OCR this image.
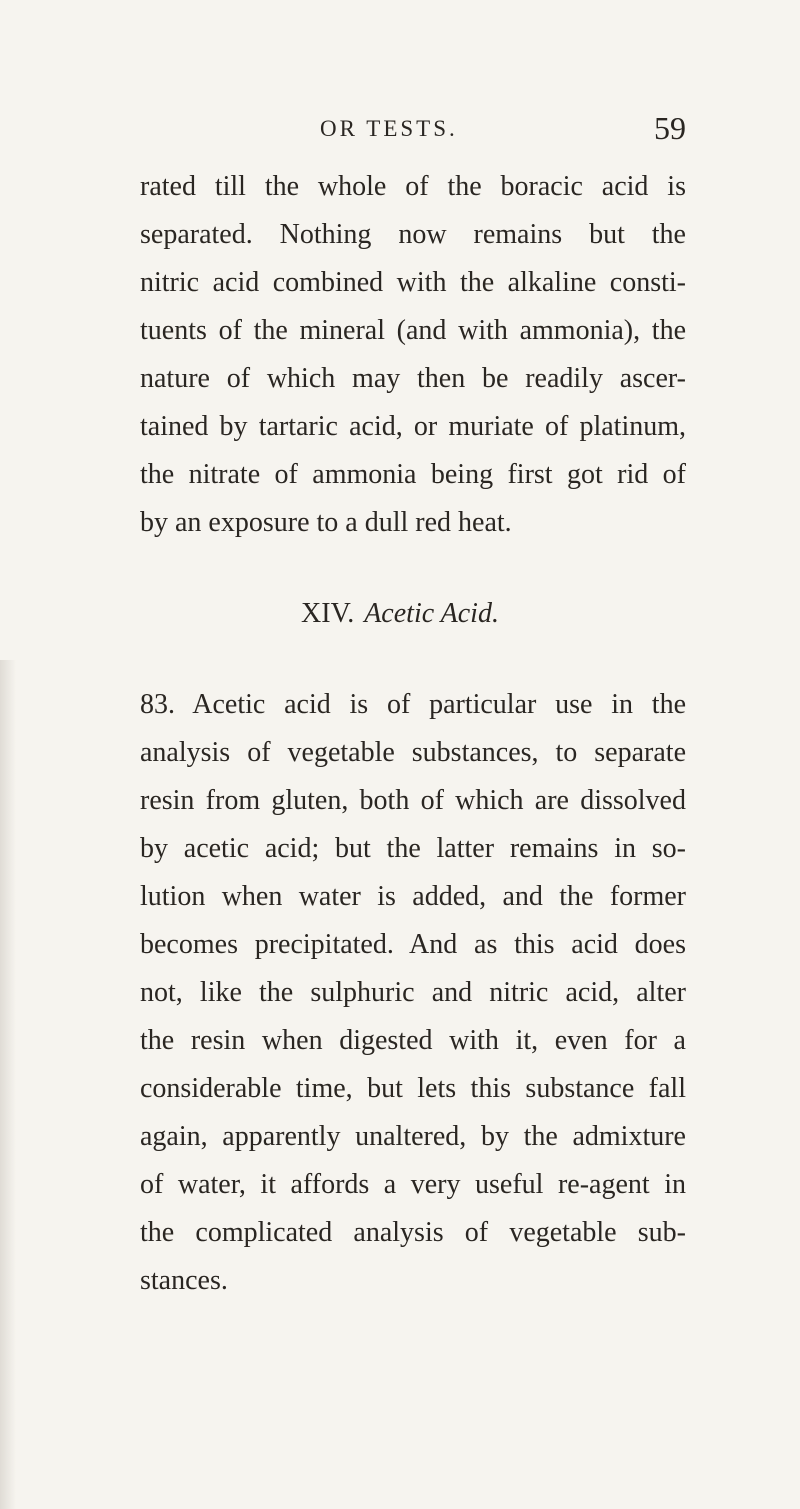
OR TESTS.	59
rated till the whole of the boracic acid is
separated. Nothing now remains but the
nitric acid combined with the alkaline consti-
tuents of the mineral (and with ammonia), the
nature of which may then be readily ascer-
tained by tartaric acid, or muriate of platinum,
the nitrate of ammonia being first got rid of
by an exposure to a dull red heat.
XIV. Acetic Acid.
83. Acetic acid is of particular use in the
analysis of vegetable substances, to separate
resin from gluten, both of which are dissolved
by acetic acid; but the latter remains in so-
lution when water is added, and the former
becomes precipitated. And as this acid does
not, like the sulphuric and nitric acid, alter
the resin when digested with it, even for a
considerable time, but lets this substance fall
again, apparently unaltered, by the admixture
of water, it affords a very useful re-agent in
the complicated analysis of vegetable sub-
stances.
